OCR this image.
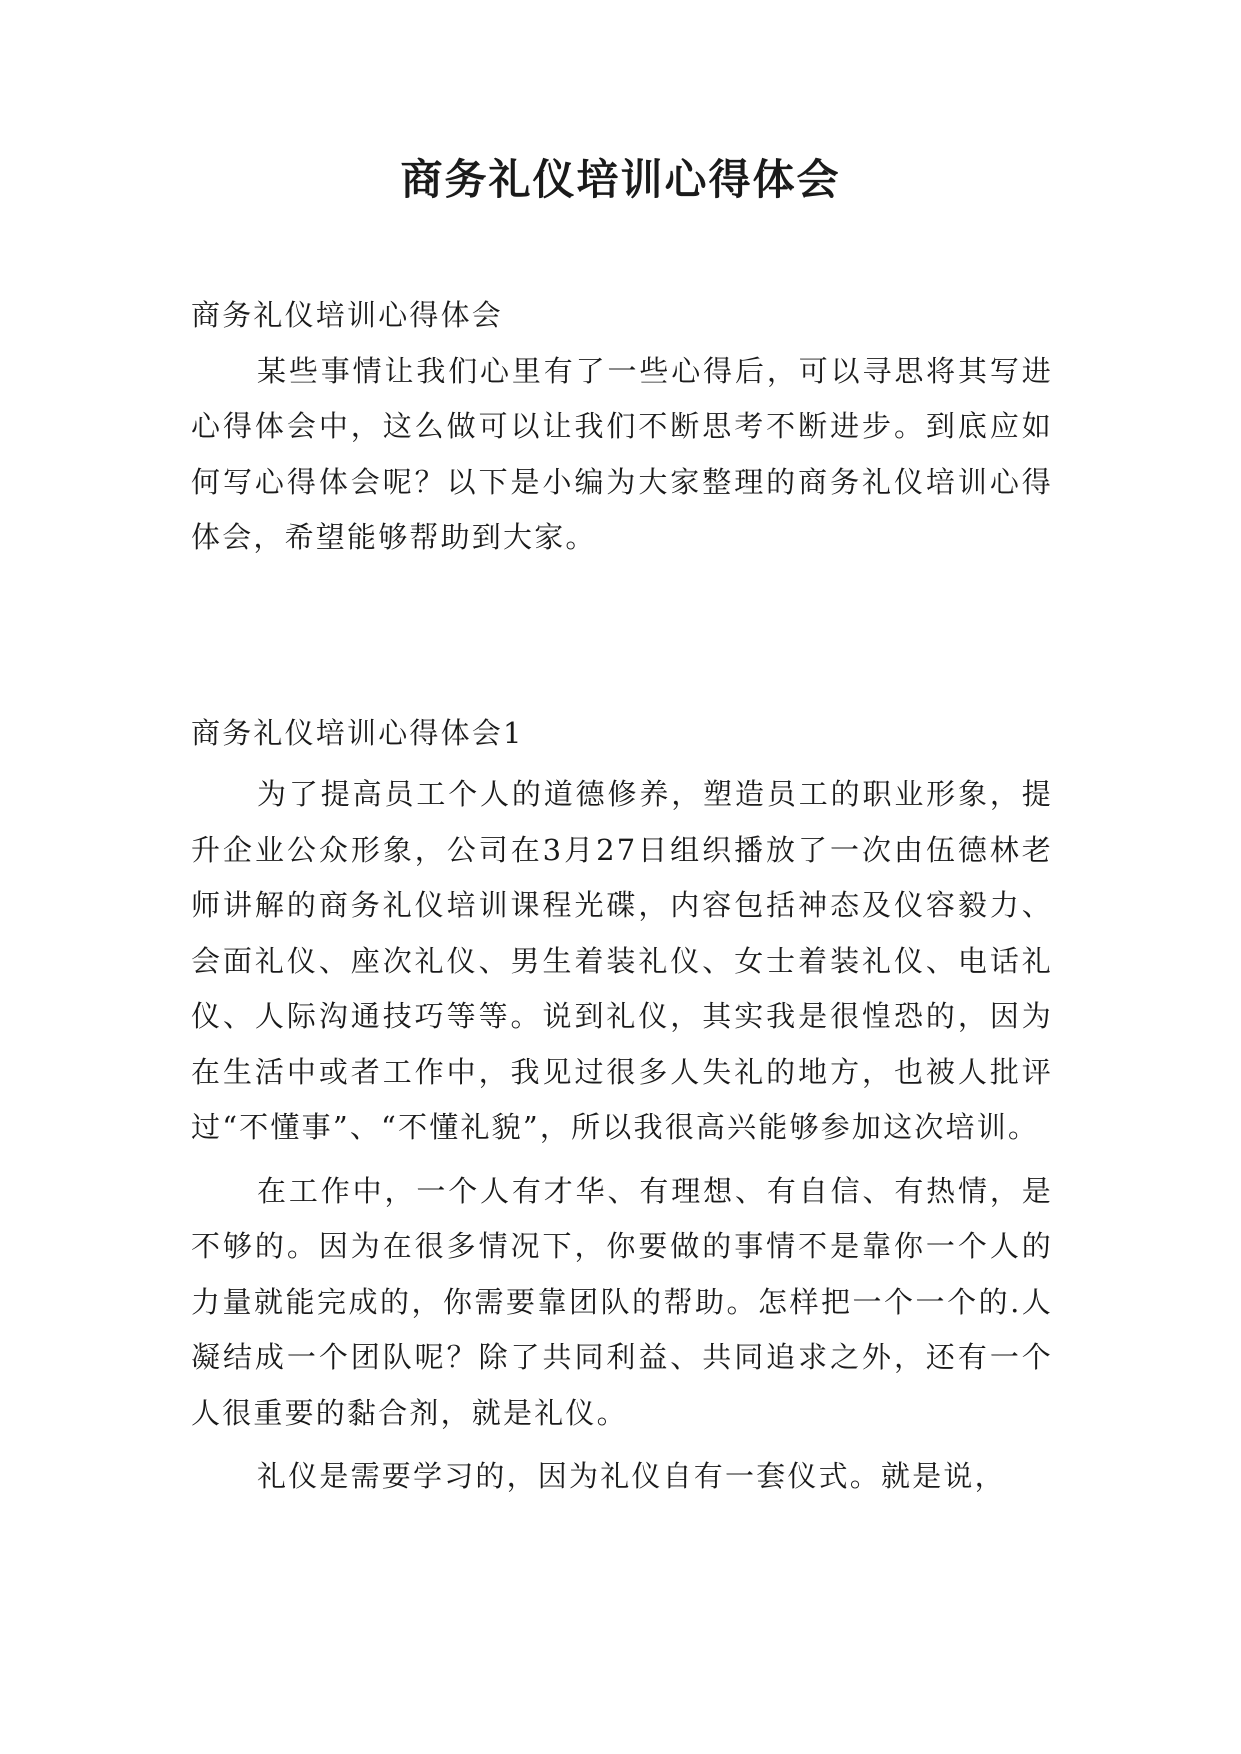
商务礼仪培训心得体会

商务礼仪培训心得体会

某些事情让我们心里有了一些心得后，可以寻思将其写进心得体会中，这么做可以让我们不断思考不断进步。到底应如何写心得体会呢？以下是小编为大家整理的商务礼仪培训心得体会，希望能够帮助到大家。

商务礼仪培训心得体会1

为了提高员工个人的道德修养，塑造员工的职业形象，提升企业公众形象，公司在3月27日组织播放了一次由伍德林老师讲解的商务礼仪培训课程光碟，内容包括神态及仪容毅力、会面礼仪、座次礼仪、男生着装礼仪、女士着装礼仪、电话礼仪、人际沟通技巧等等。说到礼仪，其实我是很惶恐的，因为在生活中或者工作中，我见过很多人失礼的地方，也被人批评过“不懂事”、“不懂礼貌”，所以我很高兴能够参加这次培训。

在工作中，一个人有才华、有理想、有自信、有热情，是不够的。因为在很多情况下，你要做的事情不是靠你一个人的力量就能完成的，你需要靠团队的帮助。怎样把一个一个的.人凝结成一个团队呢？除了共同利益、共同追求之外，还有一个人很重要的黏合剂，就是礼仪。

礼仪是需要学习的，因为礼仪自有一套仪式。就是说，
